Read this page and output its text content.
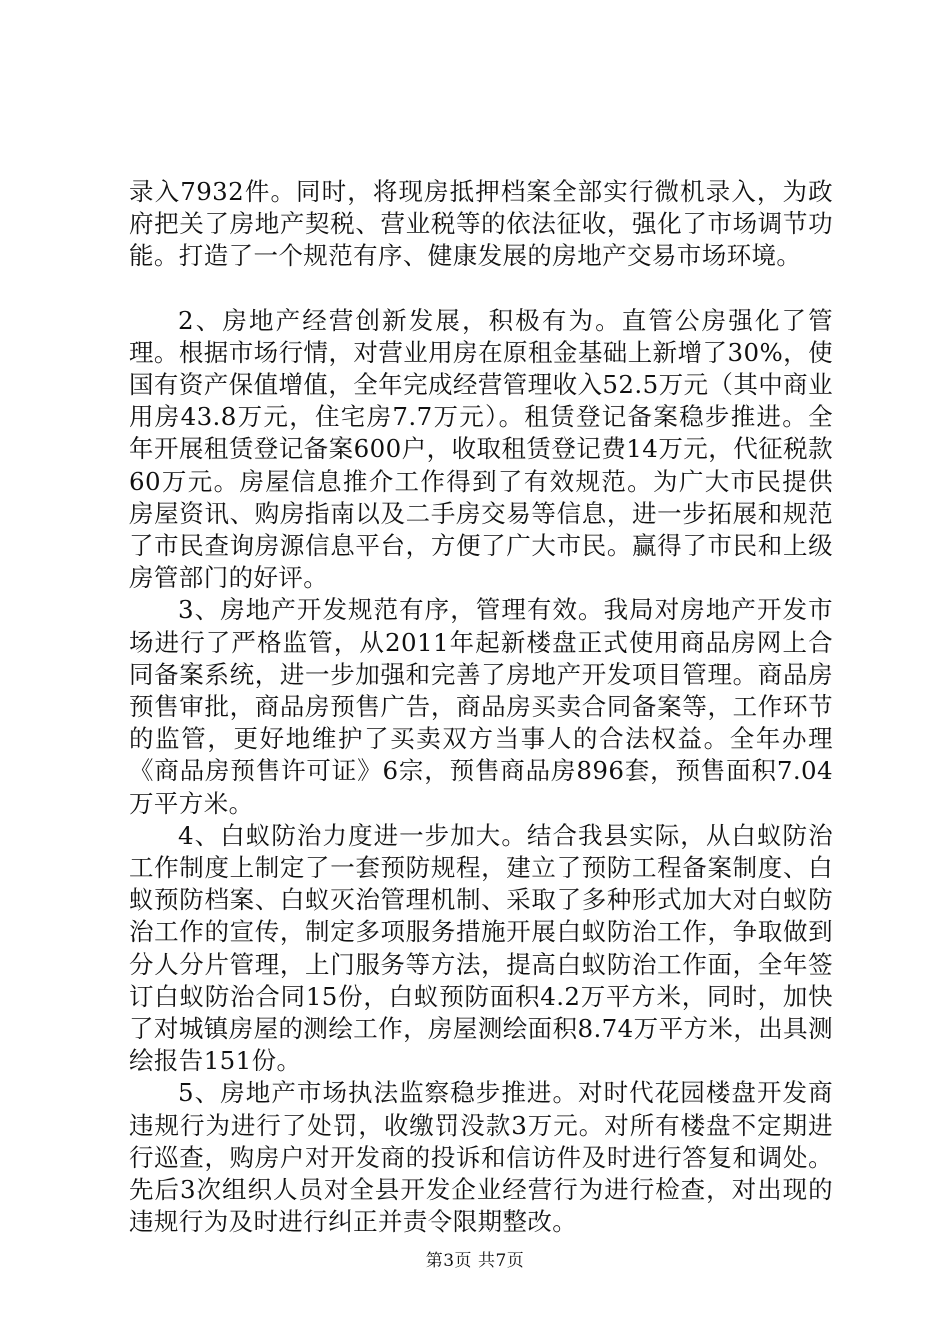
录入7932件。同时，将现房抵押档案全部实行微机录入，为政府把关了房地产契税、营业税等的依法征收，强化了市场调节功能。打造了一个规范有序、健康发展的房地产交易市场环境。

2、房地产经营创新发展，积极有为。直管公房强化了管理。根据市场行情，对营业用房在原租金基础上新增了30%，使国有资产保值增值，全年完成经营管理收入52.5万元（其中商业用房43.8万元，住宅房7.7万元）。租赁登记备案稳步推进。全年开展租赁登记备案600户，收取租赁登记费14万元，代征税款60万元。房屋信息推介工作得到了有效规范。为广大市民提供房屋资讯、购房指南以及二手房交易等信息，进一步拓展和规范了市民查询房源信息平台，方便了广大市民。赢得了市民和上级房管部门的好评。

3、房地产开发规范有序，管理有效。我局对房地产开发市场进行了严格监管，从2011年起新楼盘正式使用商品房网上合同备案系统，进一步加强和完善了房地产开发项目管理。商品房预售审批，商品房预售广告，商品房买卖合同备案等，工作环节的监管，更好地维护了买卖双方当事人的合法权益。全年办理《商品房预售许可证》6宗，预售商品房896套，预售面积7.04万平方米。

4、白蚁防治力度进一步加大。结合我县实际，从白蚁防治工作制度上制定了一套预防规程，建立了预防工程备案制度、白蚁预防档案、白蚁灭治管理机制、采取了多种形式加大对白蚁防治工作的宣传，制定多项服务措施开展白蚁防治工作，争取做到分人分片管理，上门服务等方法，提高白蚁防治工作面，全年签订白蚁防治合同15份，白蚁预防面积4.2万平方米，同时，加快了对城镇房屋的测绘工作，房屋测绘面积8.74万平方米，出具测绘报告151份。

5、房地产市场执法监察稳步推进。对时代花园楼盘开发商违规行为进行了处罚，收缴罚没款3万元。对所有楼盘不定期进行巡查，购房户对开发商的投诉和信访件及时进行答复和调处。先后3次组织人员对全县开发企业经营行为进行检查，对出现的违规行为及时进行纠正并责令限期整改。

第3页 共7页
